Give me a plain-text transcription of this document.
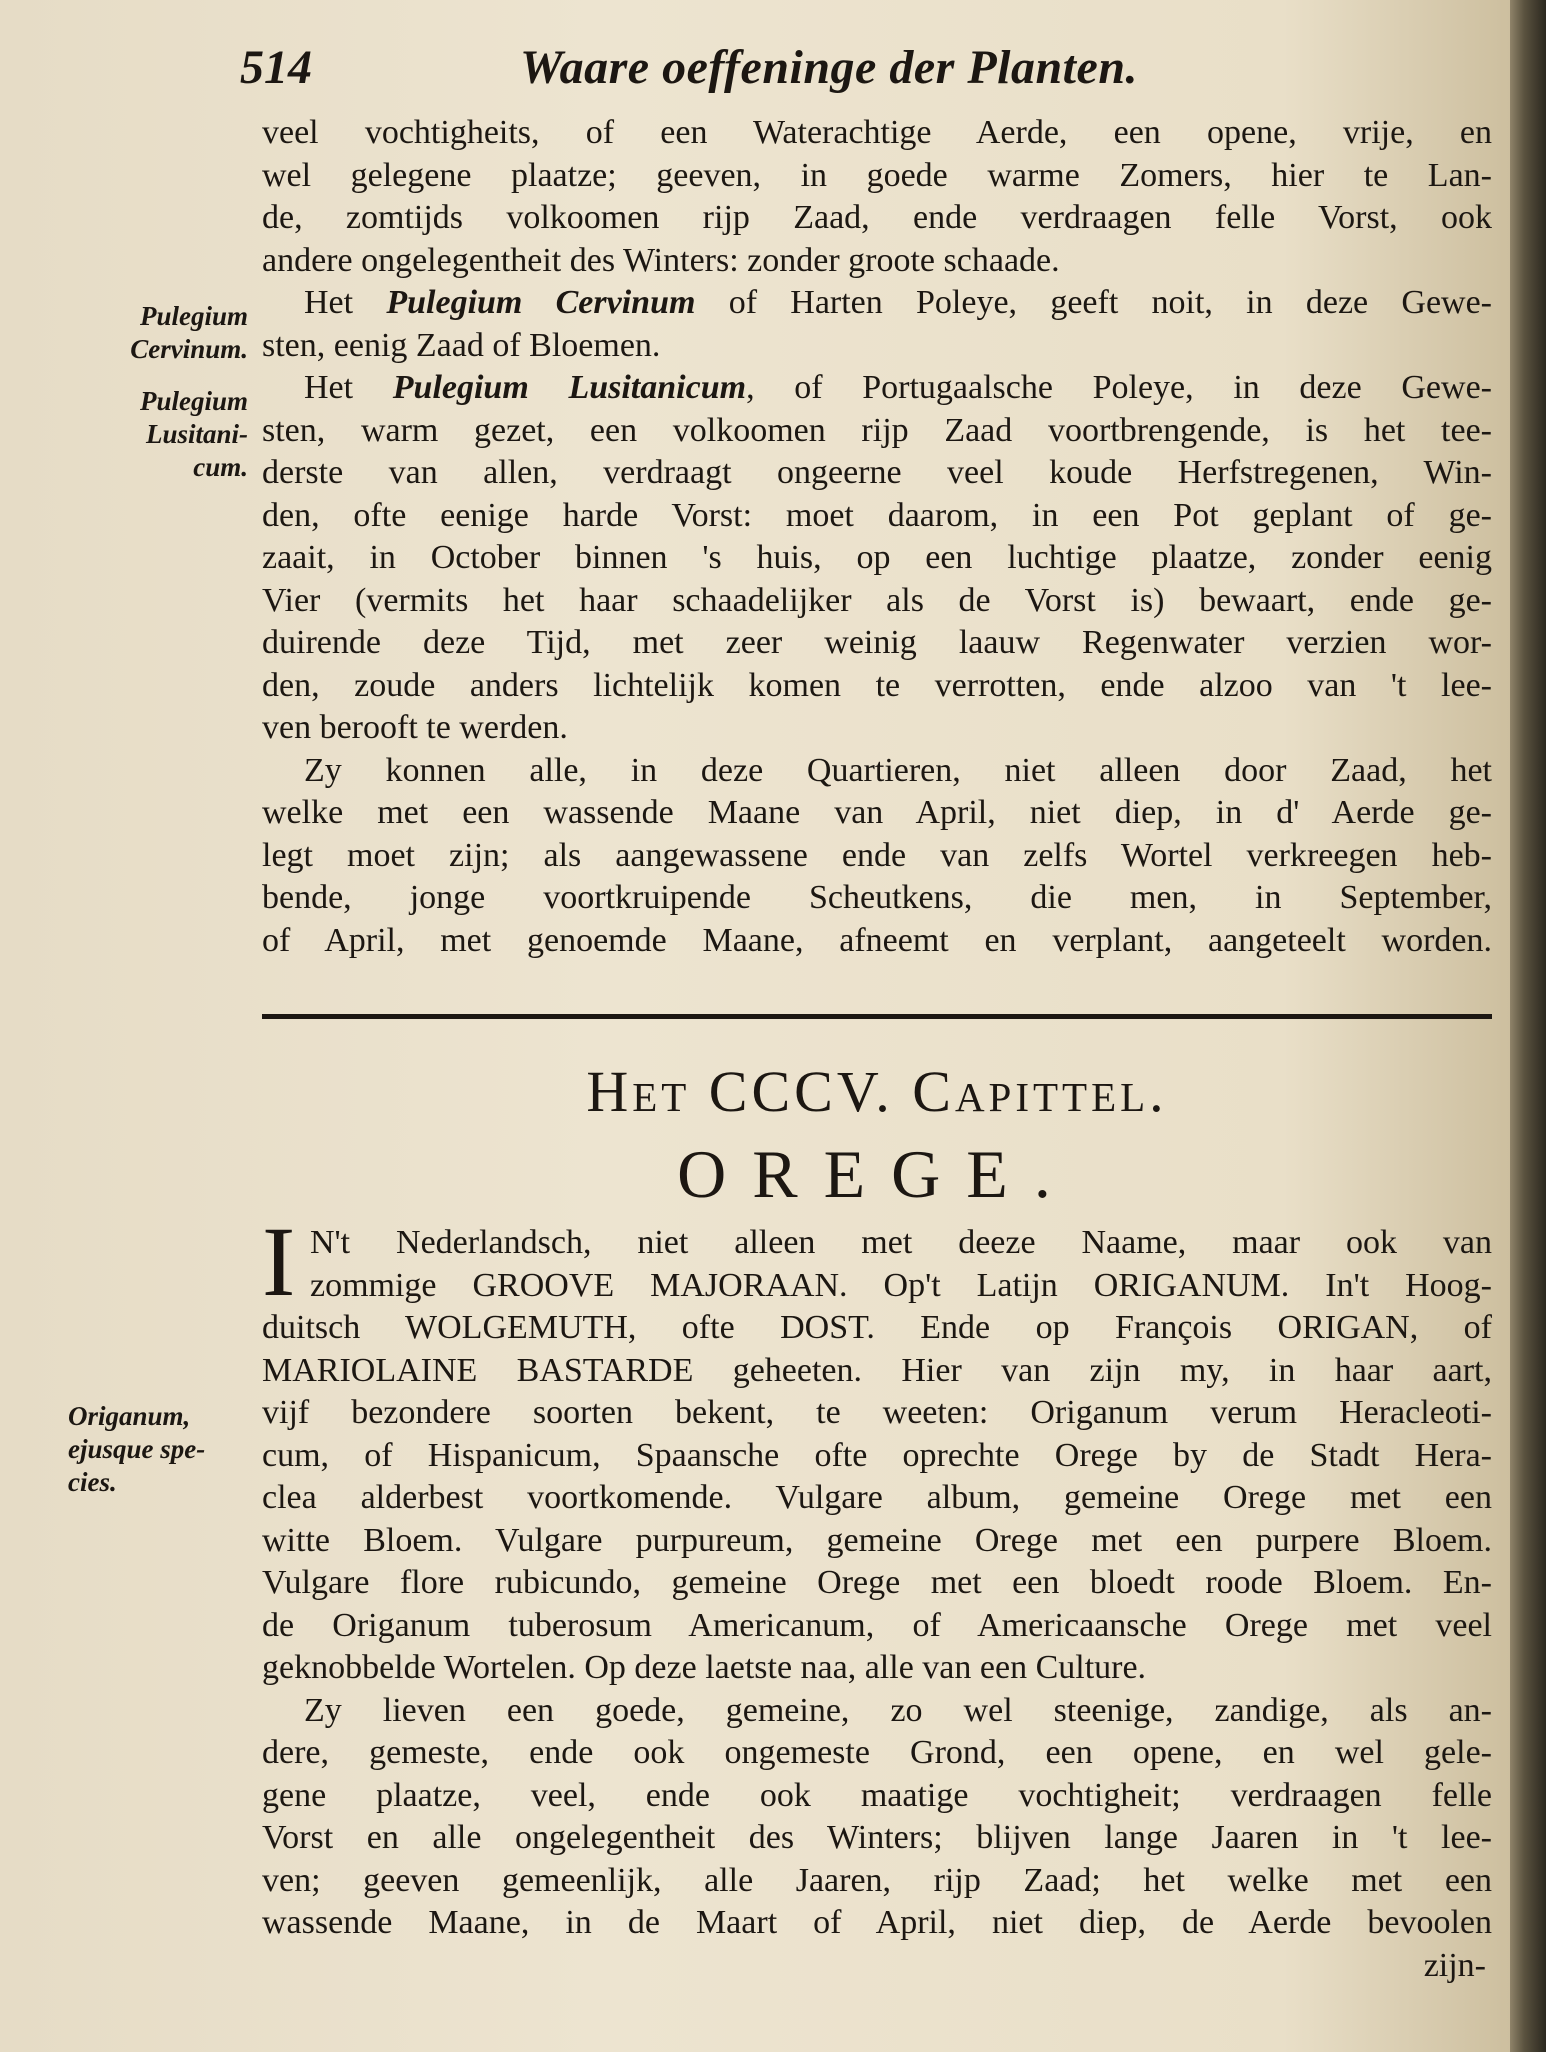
514	Waare oeffeninge der Planten.
Pulegium
Cervinum.
Pulegium
Lusitani-
cum.
Origanum,
ejusque spe-
cies.
veel vochtigheits, of een Waterachtige Aerde, een opene, vrije, en
wel gelegene plaatze; geeven, in goede warme Zomers, hier te Lan-
de, zomtijds volkoomen rijp Zaad, ende verdraagen felle Vorst, ook
andere ongelegentheit des Winters: zonder groote schaade.
Het Pulegium Cervinum of Harten Poleye, geeft noit, in deze Gewe-
sten, eenig Zaad of Bloemen.
Het Pulegium Lusitanicum, of Portugaalsche Poleye, in deze Gewe-
sten, warm gezet, een volkoomen rijp Zaad voortbrengende, is het tee-
derste van allen, verdraagt ongeerne veel koude Herfstregenen, Win-
den, ofte eenige harde Vorst: moet daarom, in een Pot geplant of ge-
zaait, in October binnen 's huis, op een luchtige plaatze, zonder eenig
Vier (vermits het haar schaadelijker als de Vorst is) bewaart, ende ge-
duirende deze Tijd, met zeer weinig laauw Regenwater verzien wor-
den, zoude anders lichtelijk komen te verrotten, ende alzoo van 't lee-
ven berooft te werden.
Zy konnen alle, in deze Quartieren, niet alleen door Zaad, het
welke met een wassende Maane van April, niet diep, in d' Aerde ge-
legt moet zijn; als aangewassene ende van zelfs Wortel verkreegen heb-
bende, jonge voortkruipende Scheutkens, die men, in September,
of April, met genoemde Maane, afneemt en verplant, aangeteelt worden.
Het CCCV. Capittel.
OREGE.
I N't Nederlandsch, niet alleen met deeze Naame, maar ook van
zommige GROOVE MAJORAAN. Op't Latijn ORIGANUM. In't Hoog-
duitsch WOLGEMUTH, ofte DOST. Ende op François ORIGAN, of
MARIOLAINE BASTARDE geheeten. Hier van zijn my, in haar aart,
vijf bezondere soorten bekent, te weeten: Origanum verum Heracleoti-
cum, of Hispanicum, Spaansche ofte oprechte Orege by de Stadt Hera-
clea alderbest voortkomende. Vulgare album, gemeine Orege met een
witte Bloem. Vulgare purpureum, gemeine Orege met een purpere Bloem.
Vulgare flore rubicundo, gemeine Orege met een bloedt roode Bloem. En-
de Origanum tuberosum Americanum, of Americaansche Orege met veel
geknobbelde Wortelen. Op deze laetste naa, alle van een Culture.
Zy lieven een goede, gemeine, zo wel steenige, zandige, als an-
dere, gemeste, ende ook ongemeste Grond, een opene, en wel gele-
gene plaatze, veel, ende ook maatige vochtigheit; verdraagen felle
Vorst en alle ongelegentheit des Winters; blijven lange Jaaren in 't lee-
ven; geeven gemeenlijk, alle Jaaren, rijp Zaad; het welke met een
wassende Maane, in de Maart of April, niet diep, de Aerde bevoolen
zijn-
